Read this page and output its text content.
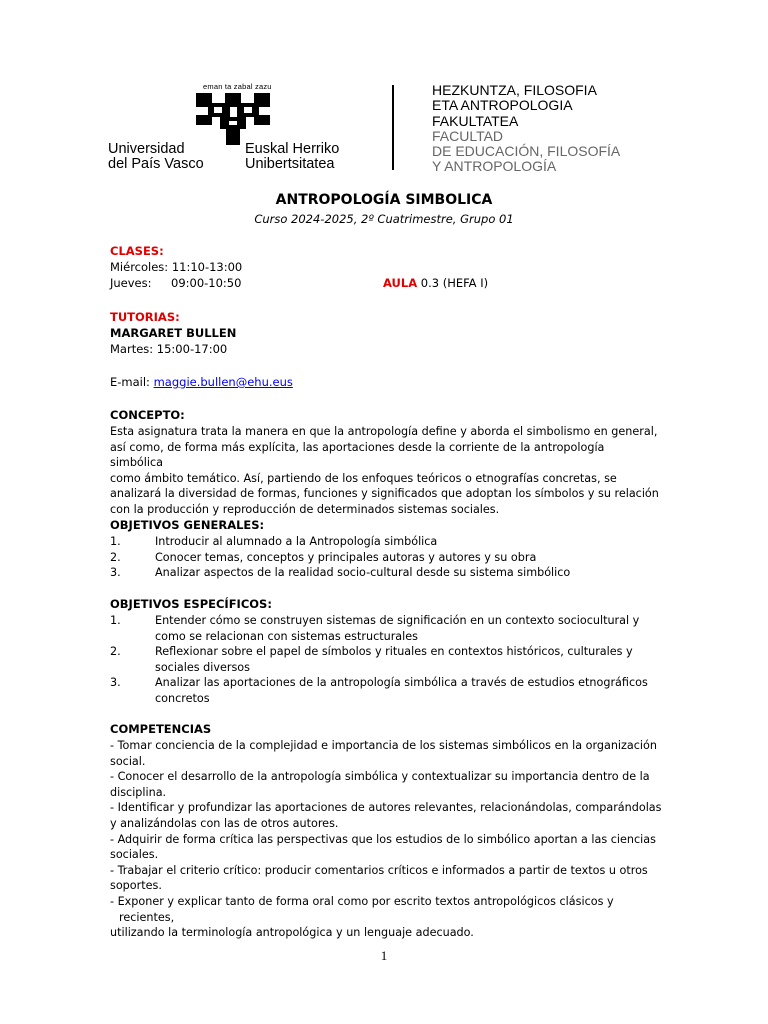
eman ta zabal zazu
Universidad
del País Vasco
Euskal Herriko
Unibertsitatea
HEZKUNTZA, FILOSOFIA
ETA ANTROPOLOGIA
FAKULTATEA
FACULTAD
DE EDUCACIÓN, FILOSOFÍA
Y ANTROPOLOGÍA
ANTROPOLOGÍA SIMBOLICA
Curso 2024-2025, 2º Cuatrimestre, Grupo 01
CLASES:
Miércoles: 11:10-13:00
Jueves: 09:00-10:50	AULA 0.3 (HEFA I)
TUTORIAS:
MARGARET BULLEN
Martes: 15:00-17:00
E-mail: maggie.bullen@ehu.eus
CONCEPTO:
Esta asignatura trata la manera en que la antropología define y aborda el simbolismo en general,
así como, de forma más explícita, las aportaciones desde la corriente de la antropología simbólica
como ámbito temático. Así, partiendo de los enfoques teóricos o etnografías concretas, se
analizará la diversidad de formas, funciones y significados que adoptan los símbolos y su relación
con la producción y reproducción de determinados sistemas sociales.
OBJETIVOS GENERALES:
1.	Introducir al alumnado a la Antropología simbólica
2.	Conocer temas, conceptos y principales autoras y autores y su obra
3.	Analizar aspectos de la realidad socio-cultural desde su sistema simbólico
OBJETIVOS ESPECÍFICOS:
1.	Entender cómo se construyen sistemas de significación en un contexto sociocultural y
como se relacionan con sistemas estructurales
2.	Reflexionar sobre el papel de símbolos y rituales en contextos históricos, culturales y
sociales diversos
3.	Analizar las aportaciones de la antropología simbólica a través de estudios etnográficos
concretos
COMPETENCIAS
- Tomar conciencia de la complejidad e importancia de los sistemas simbólicos en la organización
social.
- Conocer el desarrollo de la antropología simbólica y contextualizar su importancia dentro de la
disciplina.
- Identificar y profundizar las aportaciones de autores relevantes, relacionándolas, comparándolas
y analizándolas con las de otros autores.
- Adquirir de forma crítica las perspectivas que los estudios de lo simbólico aportan a las ciencias
sociales.
- Trabajar el criterio crítico: producir comentarios críticos e informados a partir de textos u otros
soportes.
- Exponer y explicar tanto de forma oral como por escrito textos antropológicos clásicos y recientes,
utilizando la terminología antropológica y un lenguaje adecuado.
1
